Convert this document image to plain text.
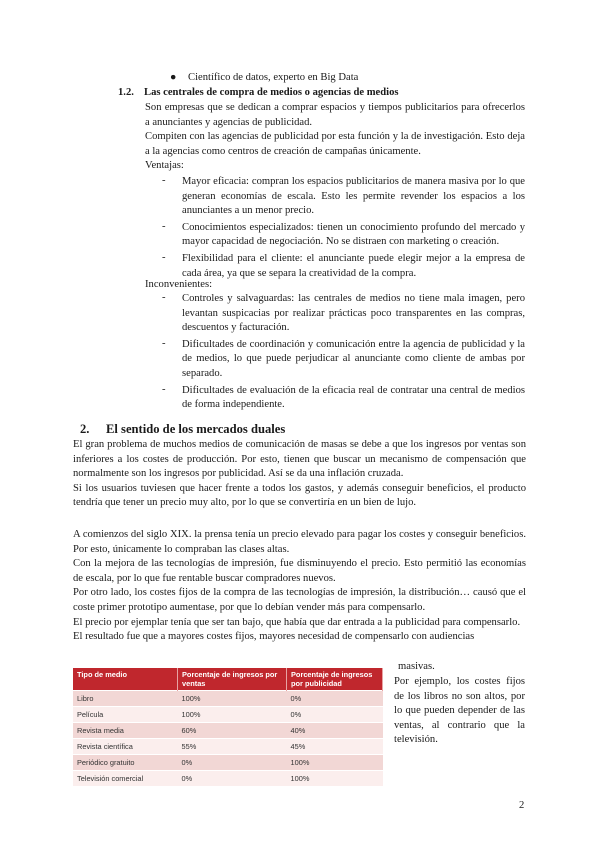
● Científico de datos, experto en Big Data
1.2. Las centrales de compra de medios o agencias de medios

Son empresas que se dedican a comprar espacios y tiempos publicitarios para ofrecerlos a anunciantes y agencias de publicidad.

Compiten con las agencias de publicidad por esta función y la de investigación. Esto deja a la agencias como centros de creación de campañas únicamente.

Ventajas:

- Mayor eficacia: compran los espacios publicitarios de manera masiva por lo que generan economías de escala. Esto les permite revender los espacios a los anunciantes a un menor precio.

- Conocimientos especializados: tienen un conocimiento profundo del mercado y mayor capacidad de negociación. No se distraen con marketing o creación.

- Flexibilidad para el cliente: el anunciante puede elegir mejor a la empresa de cada área, ya que se separa la creatividad de la compra.

Inconvenientes:

- Controles y salvaguardas: las centrales de medios no tiene mala imagen, pero levantan suspicacias por realizar prácticas poco transparentes en las compras, descuentos y facturación.

- Dificultades de coordinación y comunicación entre la agencia de publicidad y la de medios, lo que puede perjudicar al anunciante como cliente de ambas por separado.

- Dificultades de evaluación de la eficacia real de contratar una central de medios de forma independiente.

2. El sentido de los mercados duales

El gran problema de muchos medios de comunicación de masas se debe a que los ingresos por ventas son inferiores a los costes de producción. Por esto, tienen que buscar un mecanismo de compensación que normalmente son los ingresos por publicidad. Así se da una inflación cruzada.

Si los usuarios tuviesen que hacer frente a todos los gastos, y además conseguir beneficios, el producto tendría que tener un precio muy alto, por lo que se convertiría en un bien de lujo.

A comienzos del siglo XIX. la prensa tenía un precio elevado para pagar los costes y conseguir beneficios. Por esto, únicamente lo compraban las clases altas.

Con la mejora de las tecnologías de impresión, fue disminuyendo el precio. Esto permitió las economías de escala, por lo que fue rentable buscar compradores nuevos.

Por otro lado, los costes fijos de la compra de las tecnologías de impresión, la distribución… causó que el coste primer prototipo aumentase, por que lo debían vender más para compensarlo.

El precio por ejemplar tenía que ser tan bajo, que había que dar entrada a la publicidad para compensarlo.

El resultado fue que a mayores costes fijos, mayores necesidad de compensarlo con audiencias

Tipo de medio	Porcentaje de ingresos por ventas	Porcentaje de ingresos por publicidad
Libro	100%	0%
Película	100%	0%
Revista media	60%	40%
Revista científica	55%	45%
Periódico gratuito	0%	100%
Televisión comercial	0%	100%

masivas.

Por ejemplo, los costes fijos de los libros no son altos, por lo que pueden depender de las ventas, al contrario que la televisión.

2
